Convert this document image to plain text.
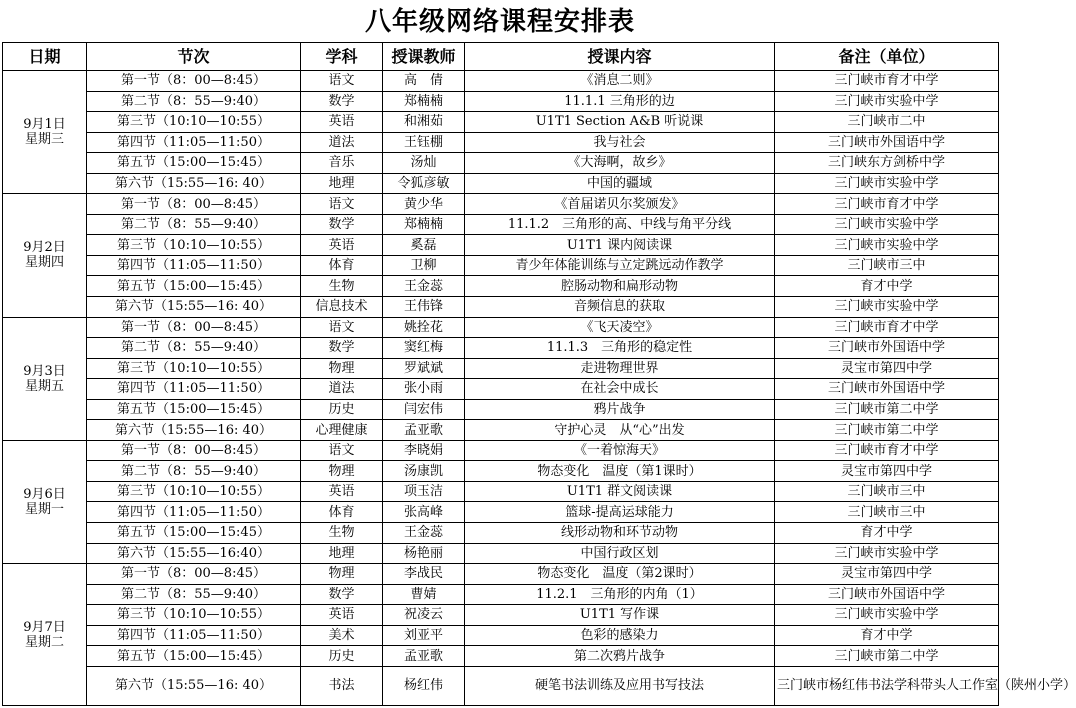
八年级网络课程安排表
日期	节次	学科	授课教师	授课内容	备注（单位）

9月1日
星期三	第一节（8：00—8:45）	语文	高　倩	《消息二则》	三门峡市育才中学
	第二节（8：55—9:40）	数学	郑楠楠	11.1.1 三角形的边	三门峡市实验中学
	第三节（10:10—10:55）	英语	和湘茹	U1T1 Section A&B 听说课	三门峡市二中
	第四节（11:05—11:50）	道法	王钰棚	我与社会	三门峡市外国语中学
	第五节（15:00—15:45）	音乐	汤灿	《大海啊，故乡》	三门峡东方剑桥中学
	第六节（15:55—16: 40）	地理	令狐彦敏	中国的疆域	三门峡市实验中学

9月2日
星期四	第一节（8：00—8:45）	语文	黄少华	《首届诺贝尔奖颁发》	三门峡市育才中学
	第二节（8：55—9:40）	数学	郑楠楠	11.1.2　三角形的高、中线与角平分线	三门峡市实验中学
	第三节（10:10—10:55）	英语	奚磊	U1T1 课内阅读课	三门峡市实验中学
	第四节（11:05—11:50）	体育	卫柳	青少年体能训练与立定跳远动作教学	三门峡市三中
	第五节（15:00—15:45）	生物	王金蕊	腔肠动物和扁形动物	育才中学
	第六节（15:55—16: 40）	信息技术	王伟锋	音频信息的获取	三门峡市实验中学

9月3日
星期五	第一节（8：00—8:45）	语文	姚拴花	《飞天凌空》	三门峡市育才中学
	第二节（8：55—9:40）	数学	窦红梅	11.1.3　三角形的稳定性	三门峡市外国语中学
	第三节（10:10—10:55）	物理	罗斌斌	走进物理世界	灵宝市第四中学
	第四节（11:05—11:50）	道法	张小雨	在社会中成长	三门峡市外国语中学
	第五节（15:00—15:45）	历史	闫宏伟	鸦片战争	三门峡市第二中学
	第六节（15:55—16: 40）	心理健康	孟亚歌	守护心灵　从“心”出发	三门峡市第二中学

9月6日
星期一	第一节（8：00—8:45）	语文	李晓娟	《一着惊海天》	三门峡市育才中学
	第二节（8：55—9:40）	物理	汤康凯	物态变化　温度（第1课时）	灵宝市第四中学
	第三节（10:10—10:55）	英语	项玉洁	U1T1 群文阅读课	三门峡市三中
	第四节（11:05—11:50）	体育	张高峰	篮球-提高运球能力	三门峡市三中
	第五节（15:00—15:45）	生物	王金蕊	线形动物和环节动物	育才中学
	第六节（15:55—16:40）	地理	杨艳丽	中国行政区划	三门峡市实验中学

9月7日
星期二	第一节（8：00—8:45）	物理	李战民	物态变化　温度（第2课时）	灵宝市第四中学
	第二节（8：55—9:40）	数学	曹婧	11.2.1　三角形的内角（1）	三门峡市外国语中学
	第三节（10:10—10:55）	英语	祝凌云	U1T1 写作课	三门峡市实验中学
	第四节（11:05—11:50）	美术	刘亚平	色彩的感染力	育才中学
	第五节（15:00—15:45）	历史	孟亚歌	第二次鸦片战争	三门峡市第二中学
	第六节（15:55—16: 40）	书法	杨红伟	硬笔书法训练及应用书写技法	三门峡市杨红伟书法学科带头人工作室（陕州小学）
